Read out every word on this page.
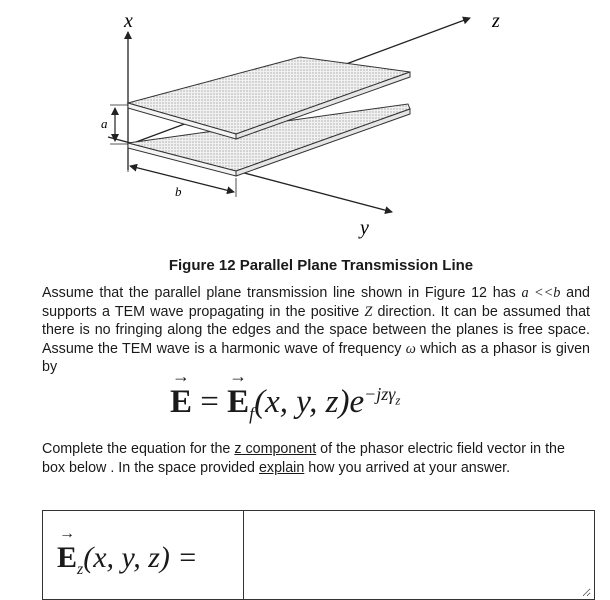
x	z
y
a
b
Figure 12 Parallel Plane Transmission Line
Assume that the parallel plane transmission line shown in Figure 12 has a <<b and supports a TEM wave propagating in the positive Z direction. It can be assumed that there is no fringing along the edges and the space between the planes is free space. Assume the TEM wave is a harmonic wave of frequency ω which as a phasor is given by
→ E = → $E_f(x$, y, $z)e^{-jz\gamma_z}$
Complete the equation for the z component of the phasor electric field vector in the box below . In the space provided explain how you arrived at your answer.
→ $E_z(x$, y, z) =
